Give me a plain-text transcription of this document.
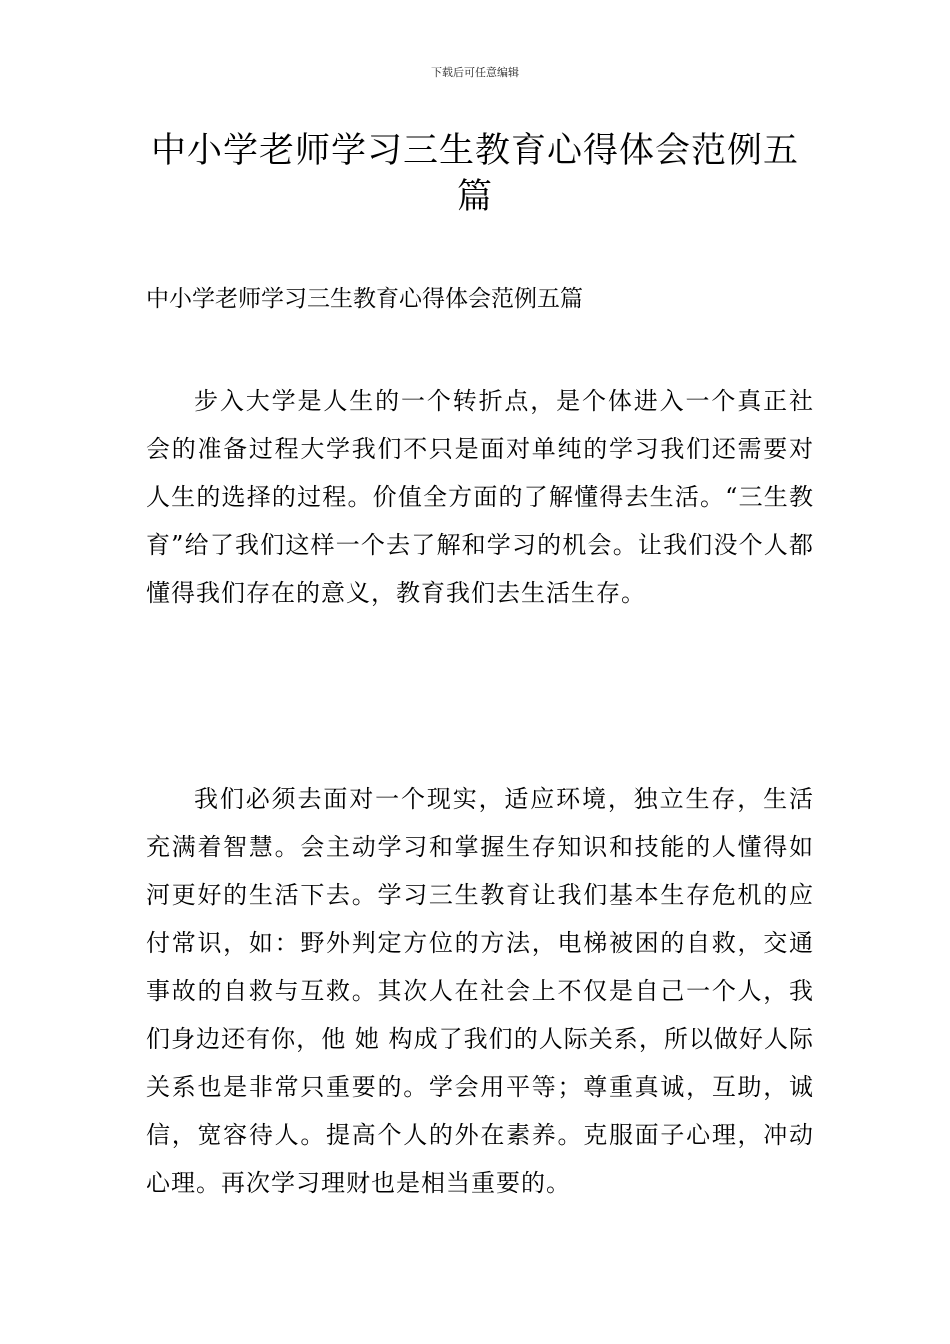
下载后可任意编辑
中小学老师学习三生教育心得体会范例五篇

中小学老师学习三生教育心得体会范例五篇

步入大学是人生的一个转折点，是个体进入一个真正社会的准备过程大学我们不只是面对单纯的学习我们还需要对人生的选择的过程。价值全方面的了解懂得去生活。“三生教育”给了我们这样一个去了解和学习的机会。让我们没个人都懂得我们存在的意义，教育我们去生活生存。

我们必须去面对一个现实，适应环境，独立生存，生活充满着智慧。会主动学习和掌握生存知识和技能的人懂得如河更好的生活下去。学习三生教育让我们基本生存危机的应付常识，如：野外判定方位的方法，电梯被困的自救，交通事故的自救与互救。其次人在社会上不仅是自己一个人，我们身边还有你，他 她 构成了我们的人际关系，所以做好人际关系也是非常只重要的。学会用平等；尊重真诚，互助，诚信，宽容待人。提高个人的外在素养。克服面子心理，冲动心理。再次学习理财也是相当重要的。
